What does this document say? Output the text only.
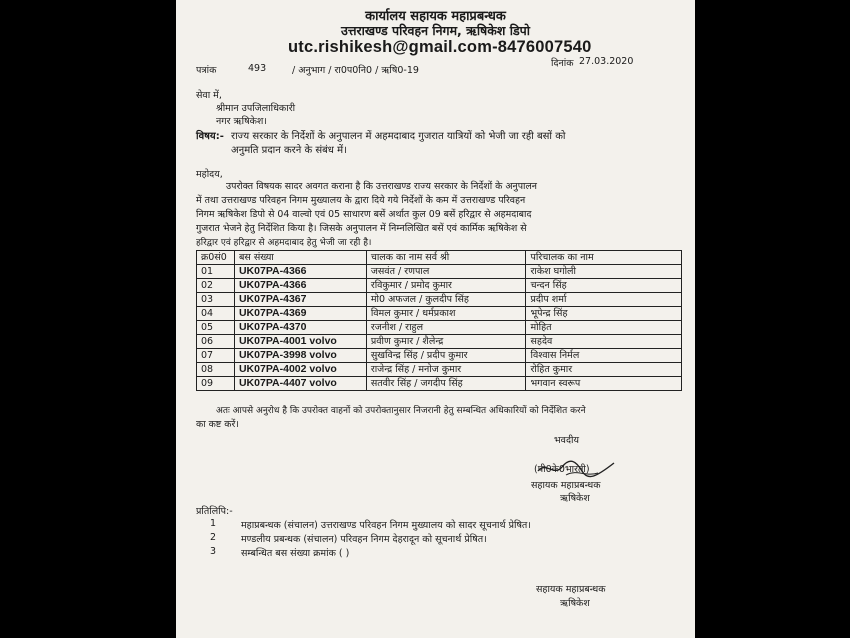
कार्यालय सहायक महाप्रबन्धक
उत्तराखण्ड परिवहन निगम, ऋषिकेश डिपो
utc.rishikesh@gmail.com-8476007540
पत्रांक	493	/ अनुभाग / रा0प0नि0 / ऋषि0-19
दिनांक 27.03.2020
सेवा में,
श्रीमान उपजिलाधिकारी
नगर ऋषिकेश।
विषय:- राज्य सरकार के निर्देशों के अनुपालन में अहमदाबाद गुजरात यात्रियों को भेजी जा रही बसों को
अनुमति प्रदान करने के संबंध में।
महोदय,
उपरोक्त विषयक सादर अवगत कराना है कि उत्तराखण्ड राज्य सरकार के निर्देशों के अनुपालन
में तथा उत्तराखण्ड परिवहन निगम मुख्यालय के द्वारा दिये गये निर्देशों के कम में उत्तराखण्ड परिवहन
निगम ऋषिकेश डिपो से 04 वाल्वो एवं 05 साधारण बसें अर्थात कुल 09 बसें हरिद्वार से अहमदाबाद
गुजरात भेजने हेतु निर्देशित किया है। जिसके अनुपालन में निम्नलिखित बसें एवं कार्मिक ऋषिकेश से
हरिद्वार एवं हरिद्वार से अहमदाबाद हेतु भेजी जा रही है।
क्र0सं0	बस संख्या	चालक का नाम सर्व श्री	परिचालक का नाम
01	UK07PA-4366	जसवंत / रणपाल	राकेश घगोली
02	UK07PA-4366	रविकुमार / प्रमोद कुमार	चन्दन सिंह
03	UK07PA-4367	मो0 अफजल / कुलदीप सिंह	प्रदीप शर्मा
04	UK07PA-4369	विमल कुमार / धर्मप्रकाश	भूपेन्द्र सिंह
05	UK07PA-4370	रजनीश / राहुल	मोहित
06	UK07PA-4001 volvo	प्रवीण कुमार / शैलेन्द्र	सहदेव
07	UK07PA-3998 volvo	सुखविन्द्र सिंह / प्रदीप कुमार	विश्वास निर्मल
08	UK07PA-4002 volvo	राजेन्द्र सिंह / मनोज कुमार	रोहित कुमार
09	UK07PA-4407 volvo	सतवीर सिंह / जगदीप सिंह	भगवान स्वरूप
अतः आपसे अनुरोध है कि उपरोक्त वाहनों को उपरोक्तानुसार निजरानी हेतु सम्बन्धित अधिकारियों को निर्देशित करने
का कष्ट करें।
भवदीय
(पी0के0भारती)
सहायक महाप्रबन्धक
ऋषिकेश
प्रतिलिपि:-
1	महाप्रबन्धक (संचालन) उत्तराखण्ड परिवहन निगम मुख्यालय को सादर सूचनार्थ प्रेषित।
2	मण्डलीय प्रबन्धक (संचालन) परिवहन निगम देहरादून को सूचनार्थ प्रेषित।
3	सम्बन्धित बस संख्या क्रमांक ( )
सहायक महाप्रबन्धक
ऋषिकेश
